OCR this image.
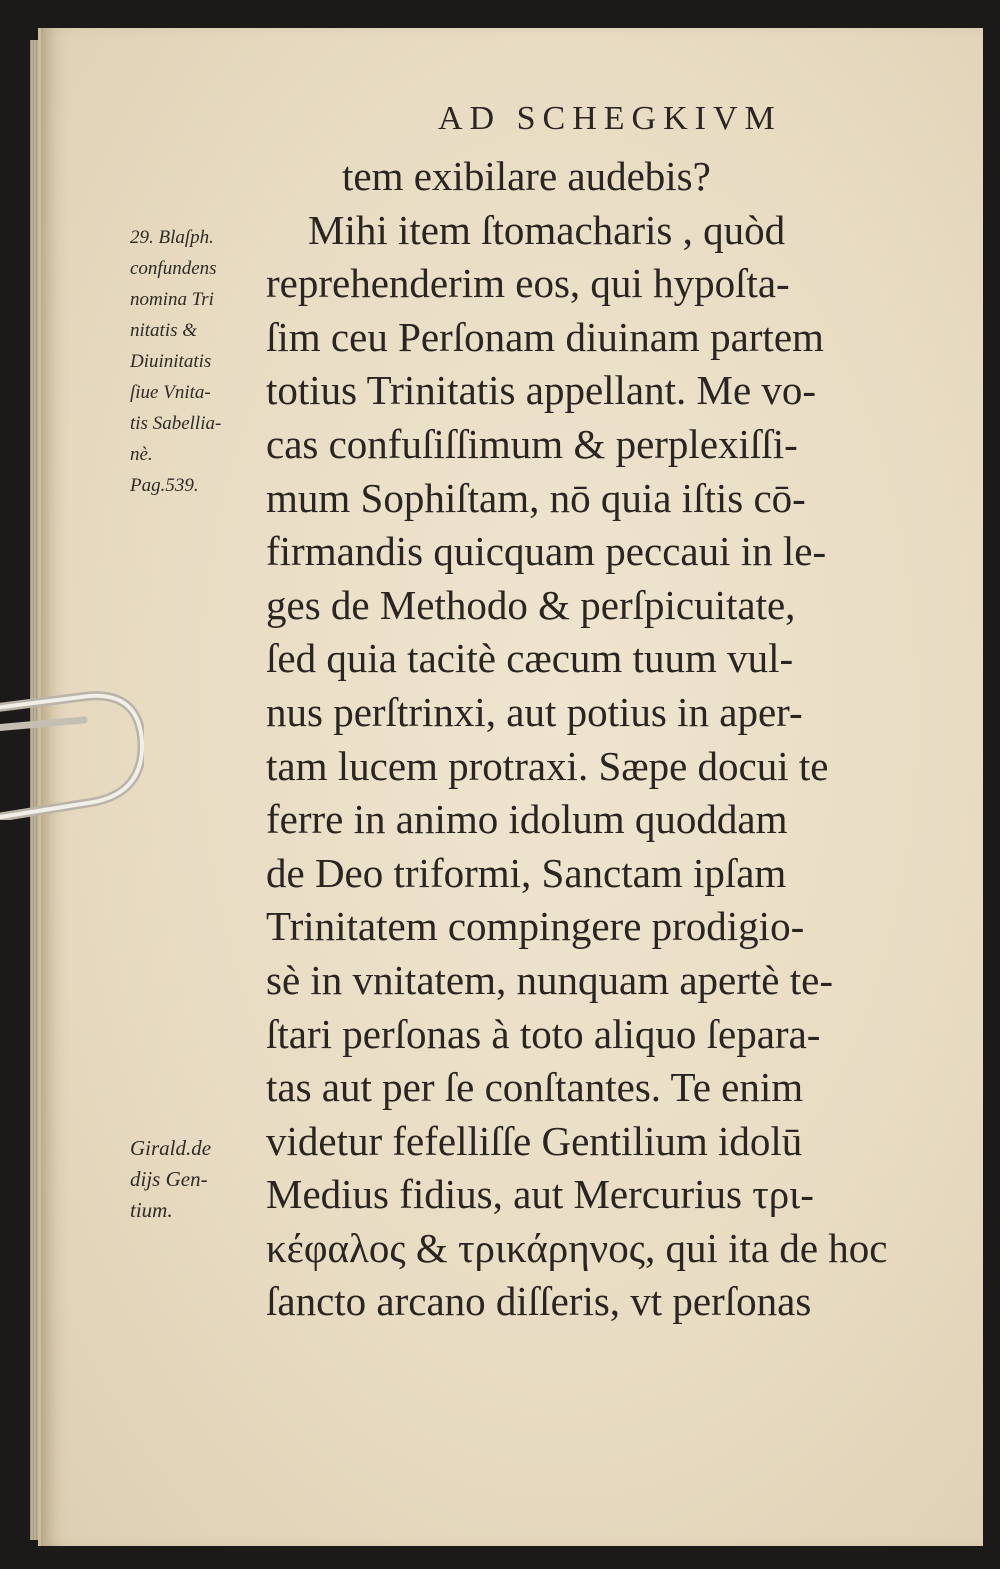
AD SCHEGKIVM
tem exibilare audebis?
Mihi item ſtomacharis , quòd
reprehenderim eos, qui hypoſta-
ſim ceu Perſonam diuinam partem
totius Trinitatis appellant. Me vo-
cas confuſiſſimum & perplexiſſi-
mum Sophiſtam, nō quia iſtis cō-
firmandis quicquam peccaui in le-
ges de Methodo & perſpicuitate,
ſed quia tacitè cæcum tuum vul-
nus perſtrinxi, aut potius in aper-
tam lucem protraxi. Sæpe docui te
ferre in animo idolum quoddam
de Deo triformi, Sanctam ipſam
Trinitatem compingere prodigio-
sè in vnitatem, nunquam apertè te-
ſtari perſonas à toto aliquo ſepara-
tas aut per ſe conſtantes. Te enim
videtur fefelliſſe Gentilium idolū
Medius fidius, aut Mercurius τρι-
κέφαλος & τρικάρηνος, qui ita de hoc
ſancto arcano diſſeris, vt perſonas
29. Blaſph.
confundens
nomina Tri
nitatis &
Diuinitatis
ſiue Vnita-
tis Sabellia-
nè.
Pag.539.
Girald.de
dijs Gen-
tium.
